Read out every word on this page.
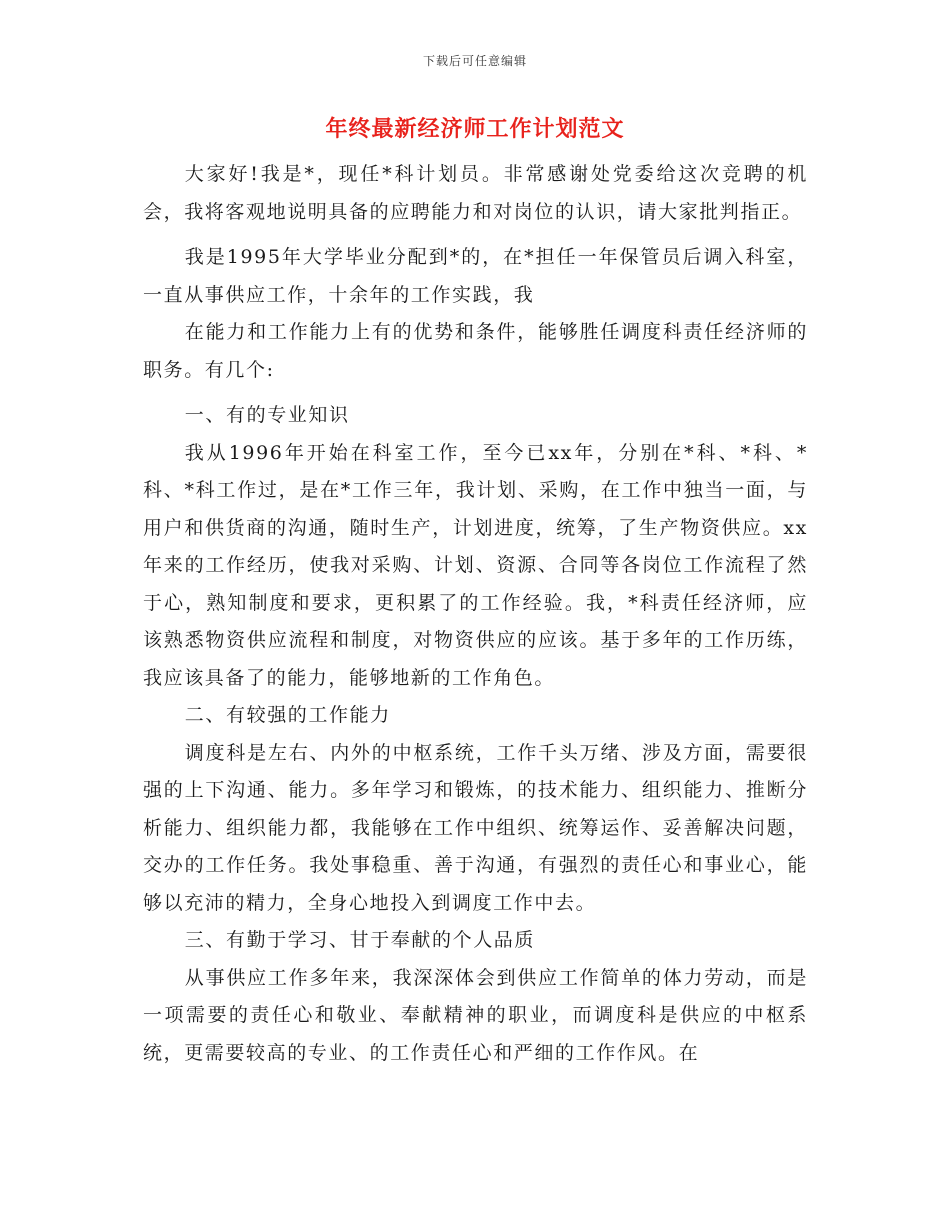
下载后可任意编辑
年终最新经济师工作计划范文

大家好!我是*，现任*科计划员。非常感谢处党委给这次竞聘的机会，我将客观地说明具备的应聘能力和对岗位的认识，请大家批判指正。

我是1995年大学毕业分配到*的，在*担任一年保管员后调入科室，一直从事供应工作，十余年的工作实践，我

在能力和工作能力上有的优势和条件，能够胜任调度科责任经济师的职务。有几个:

一、有的专业知识

我从1996年开始在科室工作，至今已xx年，分别在*科、*科、*科、*科工作过，是在*工作三年，我计划、采购，在工作中独当一面，与用户和供货商的沟通，随时生产，计划进度，统筹，了生产物资供应。xx年来的工作经历，使我对采购、计划、资源、合同等各岗位工作流程了然于心，熟知制度和要求，更积累了的工作经验。我，*科责任经济师，应该熟悉物资供应流程和制度，对物资供应的应该。基于多年的工作历练，我应该具备了的能力，能够地新的工作角色。

二、有较强的工作能力

调度科是左右、内外的中枢系统，工作千头万绪、涉及方面，需要很强的上下沟通、能力。多年学习和锻炼，的技术能力、组织能力、推断分析能力、组织能力都，我能够在工作中组织、统筹运作、妥善解决问题，交办的工作任务。我处事稳重、善于沟通，有强烈的责任心和事业心，能够以充沛的精力，全身心地投入到调度工作中去。

三、有勤于学习、甘于奉献的个人品质

从事供应工作多年来，我深深体会到供应工作简单的体力劳动，而是一项需要的责任心和敬业、奉献精神的职业，而调度科是供应的中枢系统，更需要较高的专业、的工作责任心和严细的工作作风。在
